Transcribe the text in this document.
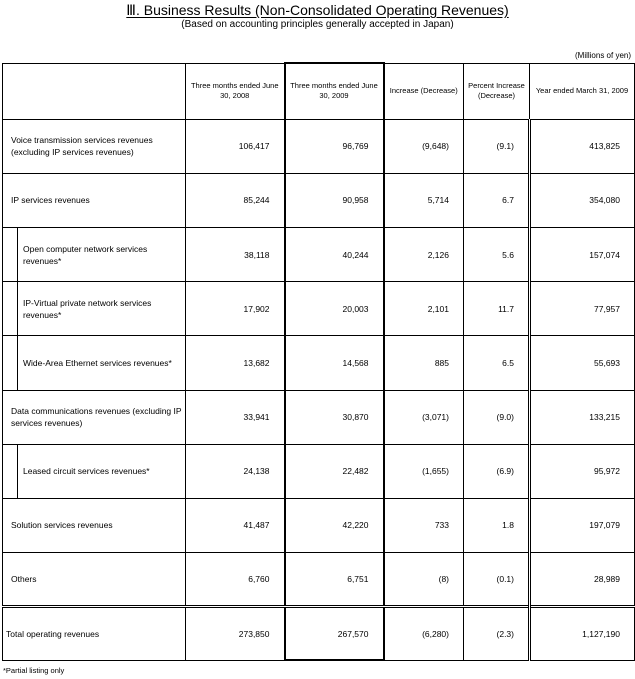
Ⅲ. Business Results (Non-Consolidated Operating Revenues)
(Based on accounting principles generally accepted in Japan)
(Millions of yen)
	Three months ended June 30, 2008	Three months ended June 30, 2009	Increase (Decrease)	Percent Increase (Decrease)	Year ended March 31, 2009
Voice transmission services revenues (excluding IP services revenues)	106,417	96,769	(9,648)	(9.1)	413,825
IP services revenues	85,244	90,958	5,714	6.7	354,080

Open computer network services revenues*	38,118	40,244	2,126	5.6	157,074

IP-Virtual private network services revenues*	17,902	20,003	2,101	11.7	77,957

Wide-Area Ethernet services revenues*	13,682	14,568	885	6.5	55,693
Data communications revenues (excluding IP services revenues)	33,941	30,870	(3,071)	(9.0)	133,215

Leased circuit services revenues*	24,138	22,482	(1,655)	(6.9)	95,972
Solution services revenues	41,487	42,220	733	1.8	197,079
Others	6,760	6,751	(8)	(0.1)	28,989
Total operating revenues	273,850	267,570	(6,280)	(2.3)	1,127,190
*Partial listing only
